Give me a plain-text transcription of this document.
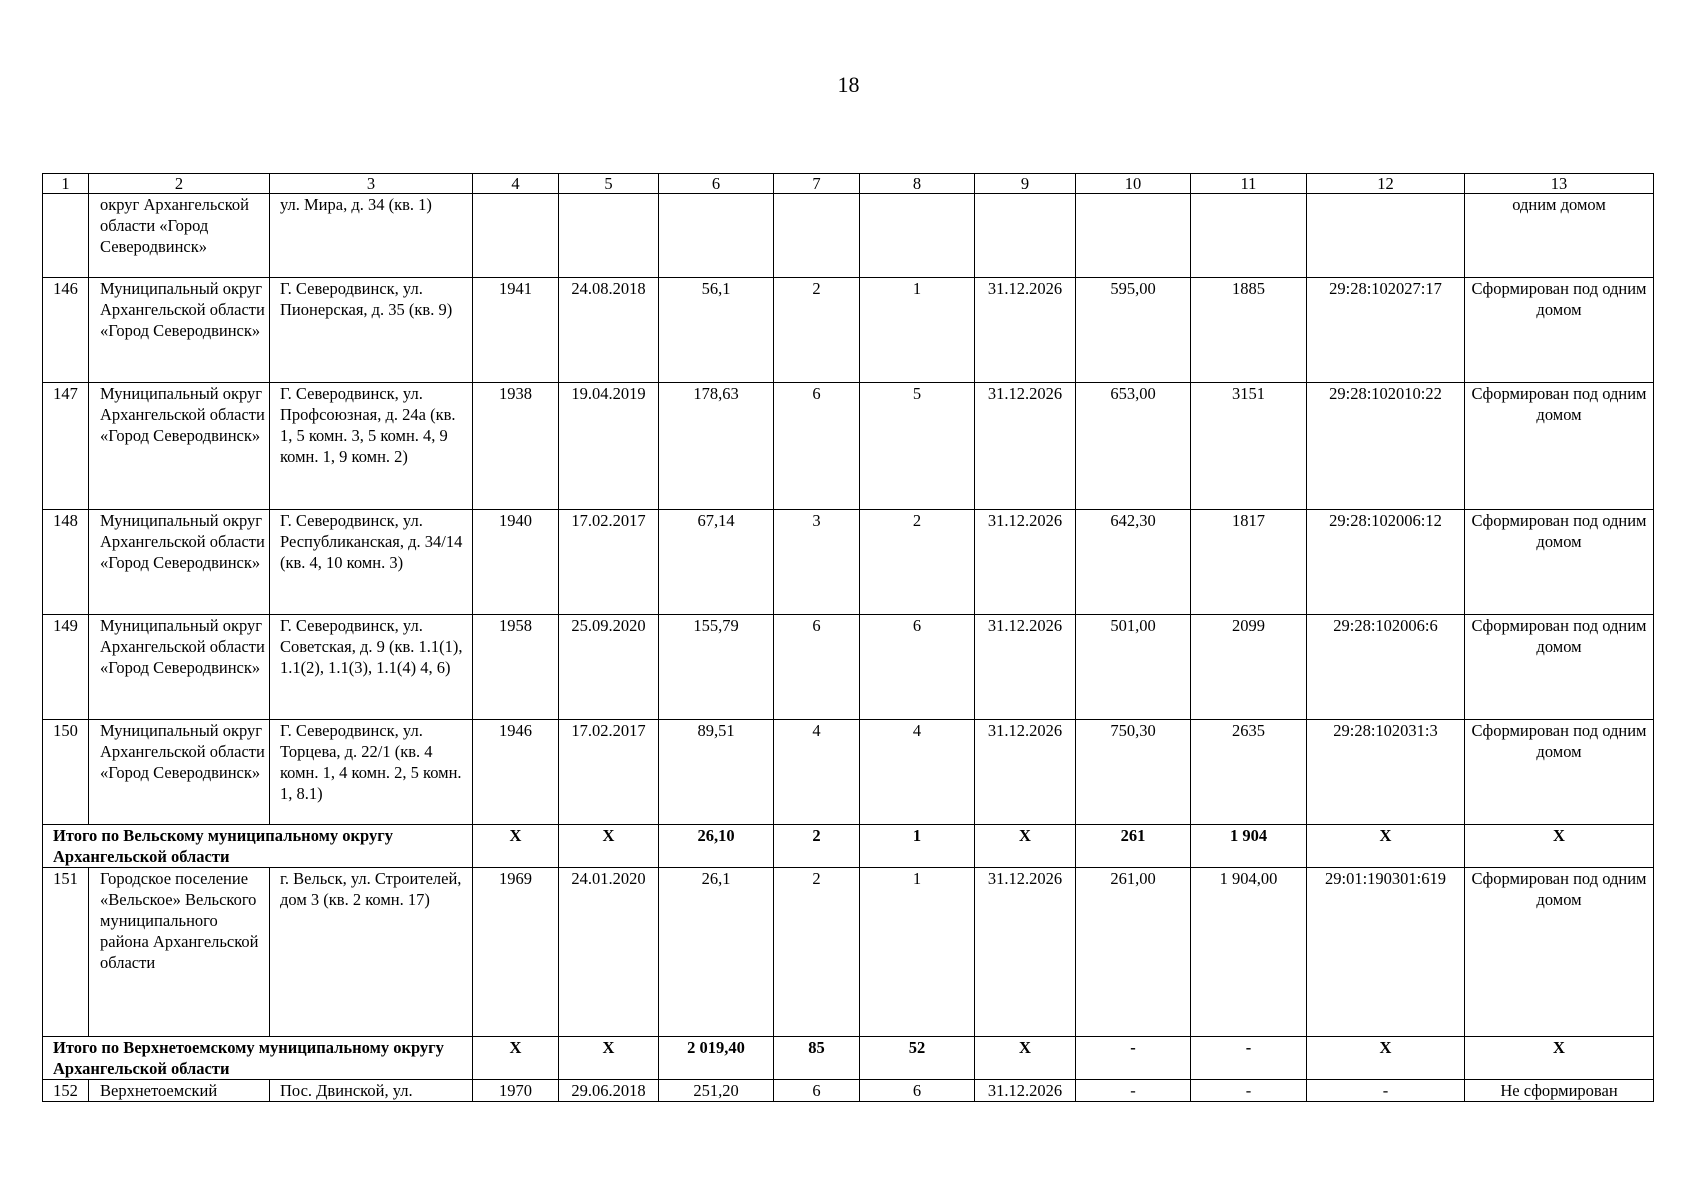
18
1	2	3	4	5	6	7	8	9	10	11	12	13
	округ Архангельской области «Город Северодвинск»	ул. Мира, д. 34 (кв. 1)										одним домом
146	Муниципальный округ Архангельской области «Город Северодвинск»	Г. Северодвинск, ул. Пионерская, д. 35 (кв. 9)	1941	24.08.2018	56,1	2	1	31.12.2026	595,00	1885	29:28:102027:17	Сформирован под одним домом
147	Муниципальный округ Архангельской области «Город Северодвинск»	Г. Северодвинск, ул. Профсоюзная, д. 24а (кв. 1, 5 комн. 3, 5 комн. 4, 9 комн. 1, 9 комн. 2)	1938	19.04.2019	178,63	6	5	31.12.2026	653,00	3151	29:28:102010:22	Сформирован под одним домом
148	Муниципальный округ Архангельской области «Город Северодвинск»	Г. Северодвинск, ул. Республиканская, д. 34/14 (кв. 4, 10 комн. 3)	1940	17.02.2017	67,14	3	2	31.12.2026	642,30	1817	29:28:102006:12	Сформирован под одним домом
149	Муниципальный округ Архангельской области «Город Северодвинск»	Г. Северодвинск, ул. Советская, д. 9 (кв. 1.1(1), 1.1(2), 1.1(3), 1.1(4) 4, 6)	1958	25.09.2020	155,79	6	6	31.12.2026	501,00	2099	29:28:102006:6	Сформирован под одним домом
150	Муниципальный округ Архангельской области «Город Северодвинск»	Г. Северодвинск, ул. Торцева, д. 22/1 (кв. 4 комн. 1, 4 комн. 2, 5 комн. 1, 8.1)	1946	17.02.2017	89,51	4	4	31.12.2026	750,30	2635	29:28:102031:3	Сформирован под одним домом
Итого по Вельскому муниципальному округу Архангельской области			Х	Х	26,10	2	1	Х	261	1 904	Х	Х
151	Городское поселение «Вельское» Вельского муниципального района Архангельской области	г. Вельск, ул. Строителей, дом 3 (кв. 2 комн. 17)	1969	24.01.2020	26,1	2	1	31.12.2026	261,00	1 904,00	29:01:190301:619	Сформирован под одним домом
Итого по Верхнетоемскому муниципальному округу Архангельской области			Х	Х	2 019,40	85	52	Х	-	-	Х	Х
152	Верхнетоемский	Пос. Двинской, ул.	1970	29.06.2018	251,20	6	6	31.12.2026	-	-	-	Не сформирован
